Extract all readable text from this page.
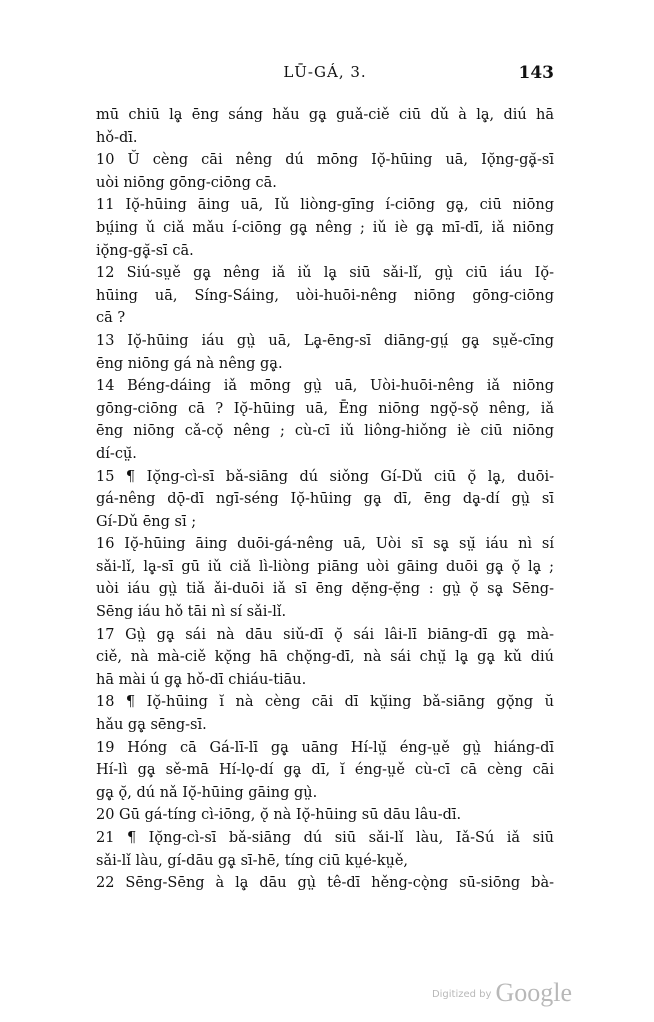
LŪ-GÁ, 3.	143
mū chiū lḁ̣ ēng sáng hǎu gḁ̣ guǎ-ciě ciū dǔ à lḁ̣, diú hā
hǒ-dī.
10 Ŭ cèng cāi nêng dú mōng Iǫ̆-hūing uā, Iǫ̆ng-gḁ̆-sī
uòi niōng gōng-ciōng cā.
11 Iǫ̆-hūing āing uā, Iǔ liòng-gīng í-ciōng gḁ̣, ciū niōng
bṳ́ing ǔ ciǎ mǎu í-ciōng gḁ̣ nêng ; iǔ iè gḁ̣ mī-dī, iǎ niōng
iǫ̆ng-gḁ̆-sī cā.
12 Siú-sṳě gḁ̣ nêng iǎ iǔ lḁ̣ siū sǎi-lǐ, gṳ̀ ciū iáu Iǫ̆-
hūing uā, Síng-Sáing, uòi-huōi-nêng niōng gōng-ciōng
cā ?
13 Iǫ̆-hūing iáu gṳ̀ uā, Lḁ̣-ēng-sī diāng-gṳ́ gḁ̣ sṳě-cīng
ēng niōng gá nà nêng gḁ̣.
14 Béng-dáing iǎ mōng gṳ̀ uā, Uòi-huōi-nêng iǎ niōng
gōng-ciōng cā ? Iǫ̆-hūing uā, Ēng niōng ngǫ̆-sǫ̆ nêng, iǎ
ēng niōng cǎ-cǫ̆ nêng ; cù-cī iǔ liông-hiǒng iè ciū niōng
dí-cṳ̆.
15 ¶ Iǫ̆ng-cì-sī bǎ-siāng dú siǒng Gí-Dǔ ciū ǫ̆ lḁ̣, duōi-
gá-nêng dǭ-dī ngī-séng Iǫ̆-hūing gḁ̣ dī, ēng dḁ̣-dí gṳ̀ sī
Gí-Dǔ ēng sī ;
16 Iǫ̆-hūing āing duōi-gá-nêng uā, Uòi sī sḁ̣ sṳ̆ iáu nì sí
sǎi-lǐ, lḁ̣-sī gū iǔ ciǎ lì-liòng piāng uòi gāing duōi gḁ̣ ǫ̆ lḁ̣ ;
uòi iáu gṳ̀ tiǎ ǎi-duōi iǎ sī ēng dẹ̆ng-ẹ̆ng : gṳ̀ ǫ̆ sḁ̣ Sēng-
Sēng iáu hǒ tāi nì sí sǎi-lǐ.
17 Gṳ̀ gḁ̣ sái nà dāu siǔ-dī ǫ̆ sái lâi-lī biāng-dī gḁ̣ mà-
ciě, nà mà-ciě kǫ̆ng hā chǫ̆ng-dī, nà sái chṳ̆ lḁ̣ gḁ̣ kǔ diú
hā mài ú gḁ̣ hǒ-dī chiáu-tiāu.
18 ¶ Iǫ̆-hūing ĭ nà cèng cāi dī kṳ̆ing bǎ-siāng gǫ̆ng ŭ
hǎu gḁ̣ sēng-sī.
19 Hóng cā Gá-lī-lī gḁ̣ uāng Hí-lṳ̆ éng-ṳě gṳ̀ hiáng-dī
Hí-lì gḁ̣ sě-mā Hí-lǫ̣-dí gḁ̣ dī, ĭ éng-ṳě cù-cī cā cèng cāi
gḁ̣ ǫ̆, dú nǎ Iǫ̆-hūing gāing gṳ̀.
20 Gū gá-tíng cì-iōng, ǫ̆ nà Iǫ̆-hūing sū dāu lâu-dī.
21 ¶ Iǫ̆ng-cì-sī bǎ-siāng dú siū sǎi-lǐ làu, Iǎ-Sú iǎ siū
sǎi-lǐ làu, gí-dāu gḁ̣ sī-hē, tíng ciū kṳé-kṳě,
22 Sēng-Sēng à lḁ̣ dāu gṳ̀ tê-dī hěng-cǫ̀ng sū-siōng bà-
$^{Digitized by}$ Google
